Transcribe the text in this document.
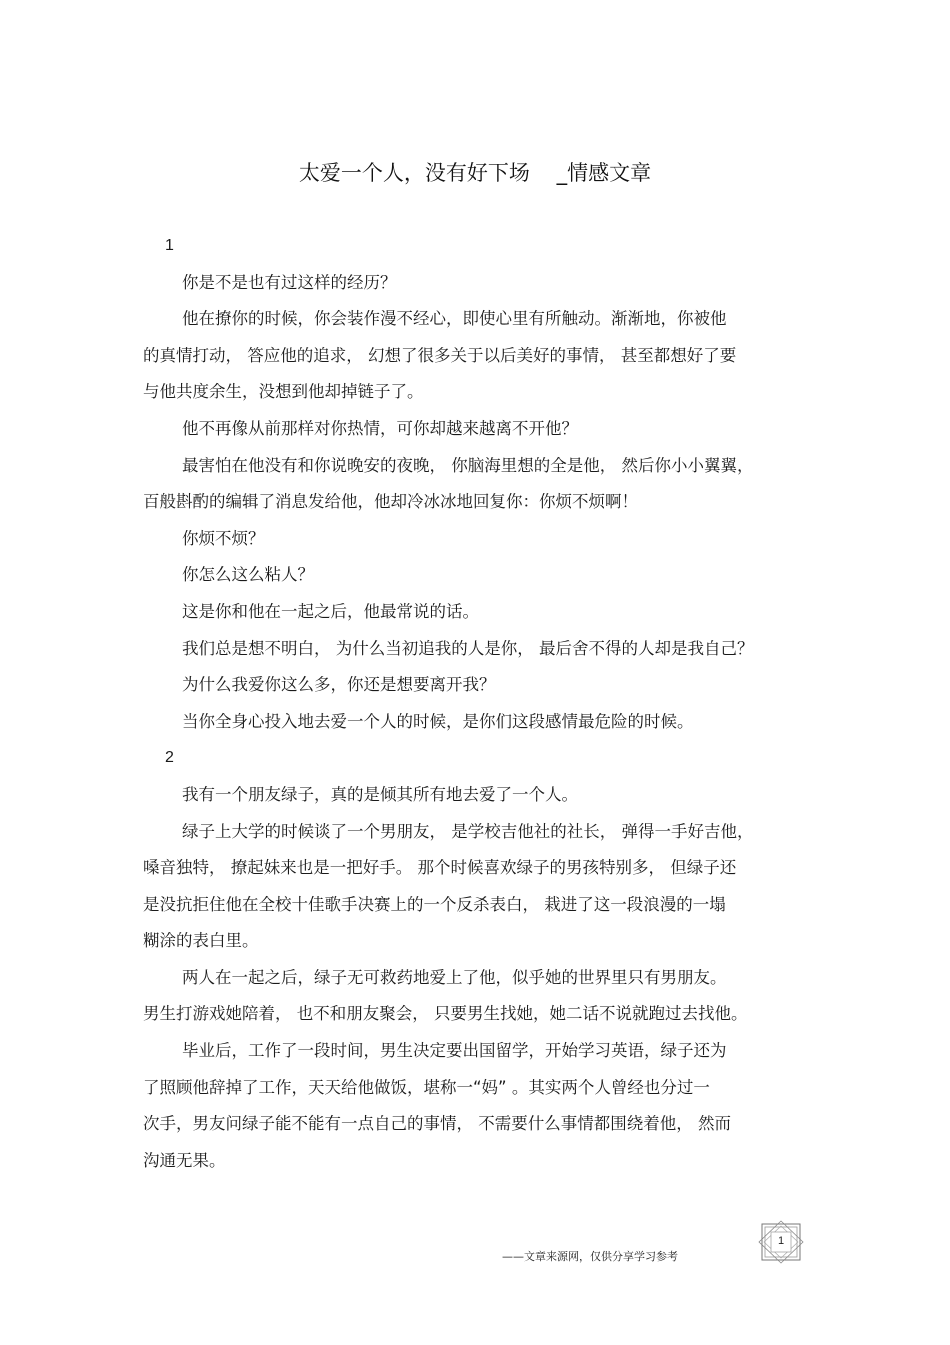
太爱一个人，没有好下场    _情感文章

1

你是不是也有过这样的经历？
他在撩你的时候，你会装作漫不经心，即使心里有所触动。渐渐地，你被他
的真情打动， 答应他的追求， 幻想了很多关于以后美好的事情， 甚至都想好了要
与他共度余生，没想到他却掉链子了。
他不再像从前那样对你热情，可你却越来越离不开他？
最害怕在他没有和你说晚安的夜晚， 你脑海里想的全是他， 然后你小小翼翼，
百般斟酌的编辑了消息发给他，他却冷冰冰地回复你：你烦不烦啊！
你烦不烦？
你怎么这么粘人？
这是你和他在一起之后，他最常说的话。
我们总是想不明白， 为什么当初追我的人是你， 最后舍不得的人却是我自己？
为什么我爱你这么多，你还是想要离开我？
当你全身心投入地去爱一个人的时候，是你们这段感情最危险的时候。

2

我有一个朋友绿子，真的是倾其所有地去爱了一个人。
绿子上大学的时候谈了一个男朋友， 是学校吉他社的社长， 弹得一手好吉他，
嗓音独特， 撩起妹来也是一把好手。 那个时候喜欢绿子的男孩特别多， 但绿子还
是没抗拒住他在全校十佳歌手决赛上的一个反杀表白， 栽进了这一段浪漫的一塌
糊涂的表白里。
两人在一起之后，绿子无可救药地爱上了他，似乎她的世界里只有男朋友。
男生打游戏她陪着， 也不和朋友聚会， 只要男生找她，她二话不说就跑过去找他。
毕业后，工作了一段时间，男生决定要出国留学，开始学习英语，绿子还为
了照顾他辞掉了工作，天天给他做饭，堪称一“妈” 。其实两个人曾经也分过一
次手，男友问绿子能不能有一点自己的事情， 不需要什么事情都围绕着他， 然而
沟通无果。
——文章来源网，仅供分享学习参考
1
